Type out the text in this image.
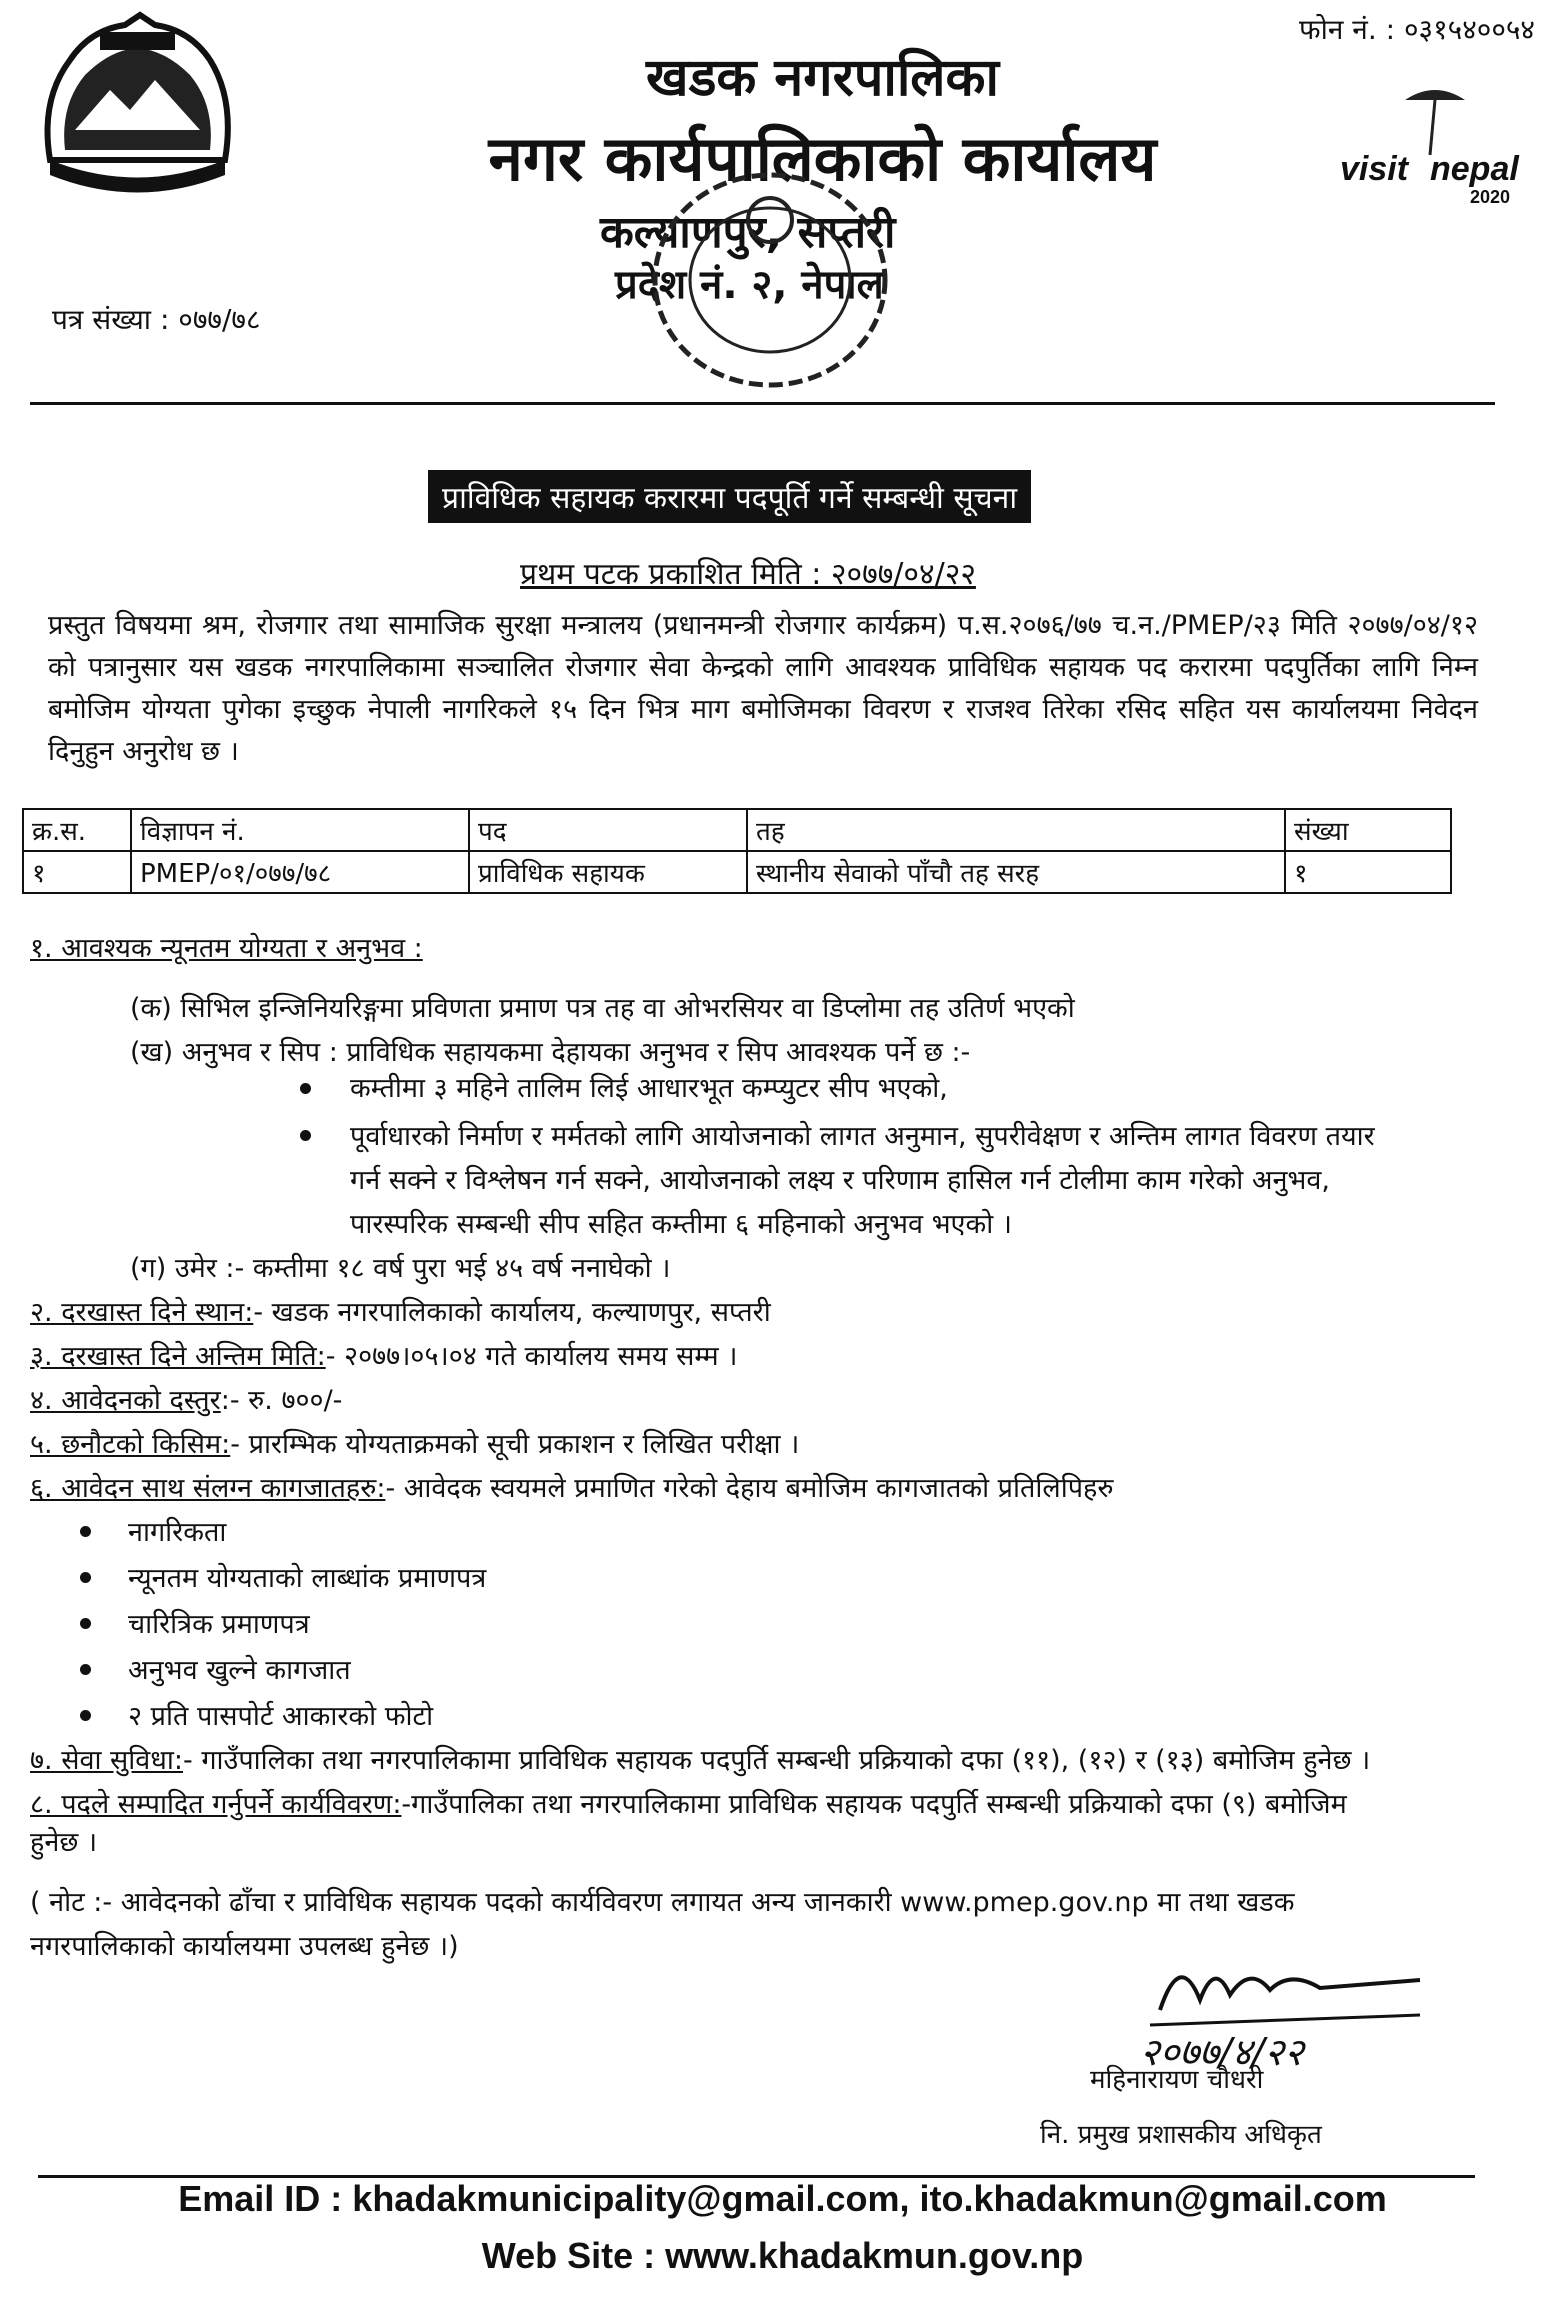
फोन नं. : ०३१५४००५४
खडक नगरपालिका
नगर कार्यपालिकाको कार्यालय
कल्याणपुर, सप्तरी
प्रदेश नं. २, नेपाल
visit nepal
2020
पत्र संख्या : ०७७/७८
प्राविधिक सहायक करारमा पदपूर्ति गर्ने सम्बन्धी सूचना
प्रथम पटक प्रकाशित मिति : २०७७/०४/२२
प्रस्तुत विषयमा श्रम, रोजगार तथा सामाजिक सुरक्षा मन्त्रालय (प्रधानमन्त्री रोजगार कार्यक्रम) प.स.२०७६/७७ च.न./PMEP/२३ मिति २०७७/०४/१२ को पत्रानुसार यस खडक नगरपालिकामा सञ्चालित रोजगार सेवा केन्द्रको लागि आवश्यक प्राविधिक सहायक पद करारमा पदपुर्तिका लागि निम्न बमोजिम योग्यता पुगेका इच्छुक नेपाली नागरिकले १५ दिन भित्र माग बमोजिमका विवरण र राजश्व तिरेका रसिद सहित यस कार्यालयमा निवेदन दिनुहुन अनुरोध छ ।
क्र.स.	विज्ञापन नं.	पद	तह	संख्या
१	PMEP/०१/०७७/७८	प्राविधिक सहायक	स्थानीय सेवाको पाँचौ तह सरह	१
१. आवश्यक न्यूनतम योग्यता र अनुभव :
(क) सिभिल इन्जिनियरिङ्गमा प्रविणता प्रमाण पत्र तह वा ओभरसियर वा डिप्लोमा तह उतिर्ण भएको
(ख) अनुभव र सिप : प्राविधिक सहायकमा देहायका अनुभव र सिप आवश्यक पर्ने छ :-
कम्तीमा ३ महिने तालिम लिई आधारभूत कम्प्युटर सीप भएको,
पूर्वाधारको निर्माण र मर्मतको लागि आयोजनाको लागत अनुमान, सुपरीवेक्षण र अन्तिम लागत विवरण तयार
गर्न सक्ने र विश्लेषन गर्न सक्ने, आयोजनाको लक्ष्य र परिणाम हासिल गर्न टोलीमा काम गरेको अनुभव,
पारस्परिक सम्बन्धी सीप सहित कम्तीमा ६ महिनाको अनुभव भएको ।
(ग) उमेर :- कम्तीमा १८ वर्ष पुरा भई ४५ वर्ष ननाघेको ।
२. दरखास्त दिने स्थान:- खडक नगरपालिकाको कार्यालय, कल्याणपुर, सप्तरी
३. दरखास्त दिने अन्तिम मिति:- २०७७।०५।०४ गते कार्यालय समय सम्म ।
४. आवेदनको दस्तुर:- रु. ७००/-
५. छनौटको किसिम:- प्रारम्भिक योग्यताक्रमको सूची प्रकाशन र लिखित परीक्षा ।
६. आवेदन साथ संलग्न कागजातहरु:- आवेदक स्वयमले प्रमाणित गरेको देहाय बमोजिम कागजातको प्रतिलिपिहरु
नागरिकता
न्यूनतम योग्यताको लाब्धांक प्रमाणपत्र
चारित्रिक प्रमाणपत्र
अनुभव खुल्ने कागजात
२ प्रति पासपोर्ट आकारको फोटो
७. सेवा सुविधा:- गाउँपालिका तथा नगरपालिकामा प्राविधिक सहायक पदपुर्ति सम्बन्धी प्रक्रियाको दफा (११), (१२) र (१३) बमोजिम हुनेछ ।
८. पदले सम्पादित गर्नुपर्ने कार्यविवरण:-गाउँपालिका तथा नगरपालिकामा प्राविधिक सहायक पदपुर्ति सम्बन्धी प्रक्रियाको दफा (९) बमोजिम
हुनेछ ।
( नोट :- आवेदनको ढाँचा र प्राविधिक सहायक पदको कार्यविवरण लगायत अन्य जानकारी www.pmep.gov.np मा तथा खडक
नगरपालिकाको कार्यालयमा उपलब्ध हुनेछ ।)
२०७७/४/२२
महिनारायण चौधरी
नि. प्रमुख प्रशासकीय अधिकृत
Email ID : khadakmunicipality@gmail.com, ito.khadakmun@gmail.com
Web Site : www.khadakmun.gov.np
